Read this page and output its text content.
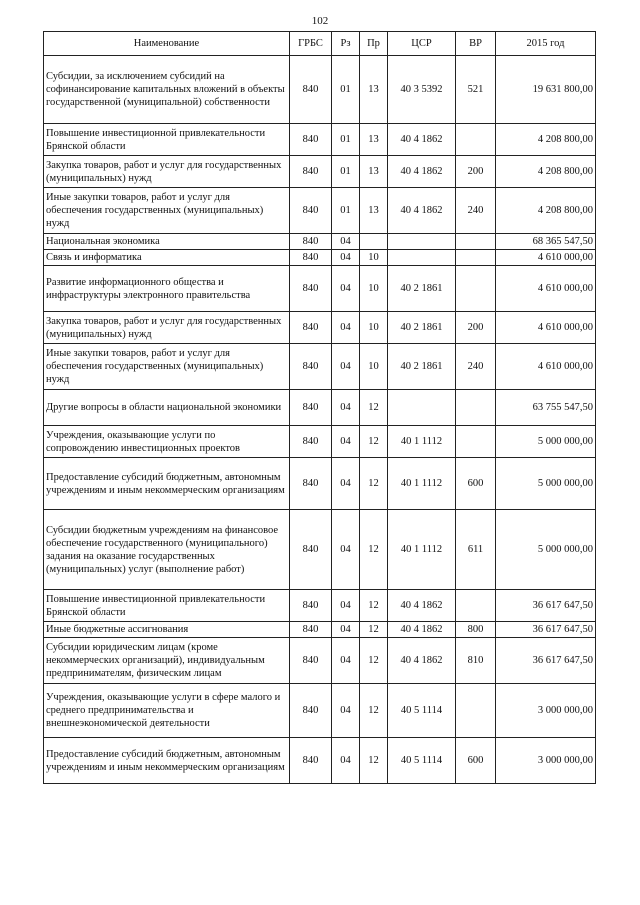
102
Наименование	ГРБС	Рз	Пр	ЦСР	ВР	2015 год
Субсидии, за исключением субсидий на софинансирование капитальных вложений в объекты государственной (муниципальной) собственности	840	01	13	40 3 5392	521	19 631 800,00
Повышение инвестиционной привлекательности Брянской области	840	01	13	40 4 1862		4 208 800,00
Закупка товаров, работ и услуг для государственных (муниципальных) нужд	840	01	13	40 4 1862	200	4 208 800,00
Иные закупки товаров, работ и услуг для обеспечения государственных (муниципальных) нужд	840	01	13	40 4 1862	240	4 208 800,00
Национальная экономика	840	04				68 365 547,50
Связь и информатика	840	04	10			4 610 000,00
Развитие информационного общества и инфраструктуры электронного правительства	840	04	10	40 2 1861		4 610 000,00
Закупка товаров, работ и услуг для государственных (муниципальных) нужд	840	04	10	40 2 1861	200	4 610 000,00
Иные закупки товаров, работ и услуг для обеспечения государственных (муниципальных) нужд	840	04	10	40 2 1861	240	4 610 000,00
Другие вопросы в области национальной экономики	840	04	12			63 755 547,50
Учреждения, оказывающие услуги по сопровождению инвестиционных проектов	840	04	12	40 1 1112		5 000 000,00
Предоставление субсидий бюджетным, автономным учреждениям и иным некоммерческим организациям	840	04	12	40 1 1112	600	5 000 000,00
Субсидии бюджетным учреждениям на финансовое обеспечение государственного (муниципального) задания на оказание государственных (муниципальных) услуг (выполнение работ)	840	04	12	40 1 1112	611	5 000 000,00
Повышение инвестиционной привлекательности Брянской области	840	04	12	40 4 1862		36 617 647,50
Иные бюджетные ассигнования	840	04	12	40 4 1862	800	36 617 647,50
Субсидии юридическим лицам (кроме некоммерческих организаций), индивидуальным предпринимателям, физическим лицам	840	04	12	40 4 1862	810	36 617 647,50
Учреждения, оказывающие услуги в сфере малого и среднего предпринимательства и внешнеэкономической деятельности	840	04	12	40 5 1114		3 000 000,00
Предоставление субсидий бюджетным, автономным учреждениям и иным некоммерческим организациям	840	04	12	40 5 1114	600	3 000 000,00
